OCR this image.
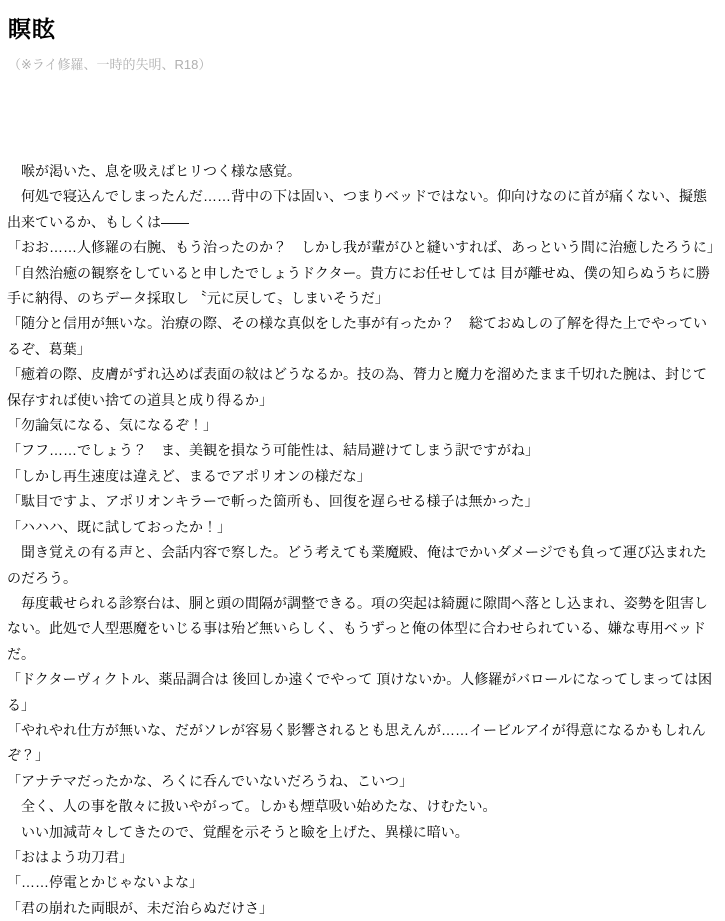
瞑眩
（※ライ修羅、一時的失明、R18）

　喉が渇いた、息を吸えばヒリつく様な感覚。

　何処で寝込んでしまったんだ……背中の下は固い、つまりベッドではない。仰向けなのに首が痛くない、擬態出来ているか、もしくは――

「おお……人修羅の右腕、もう治ったのか？　しかし我が輩がひと縫いすれば、あっという間に治癒したろうに」

「自然治癒の観察をしていると申したでしょうドクター。貴方にお任せしては 目が離せぬ、僕の知らぬうちに勝手に納得、のちデータ採取し 〝元に戻して〟しまいそうだ」

「随分と信用が無いな。治療の際、その様な真似をした事が有ったか？　総ておぬしの了解を得た上でやっているぞ、葛葉」

「癒着の際、皮膚がずれ込めば表面の紋はどうなるか。技の為、膂力と魔力を溜めたまま千切れた腕は、封じて保存すれば使い捨ての道具と成り得るか」

「勿論気になる、気になるぞ！」

「フフ……でしょう？　ま、美観を損なう可能性は、結局避けてしまう訳ですがね」

「しかし再生速度は違えど、まるでアポリオンの様だな」

「駄目ですよ、アポリオンキラーで斬った箇所も、回復を遅らせる様子は無かった」

「ハハハ、既に試しておったか！」

　聞き覚えの有る声と、会話内容で察した。どう考えても業魔殿、俺はでかいダメージでも負って運び込まれたのだろう。

　毎度載せられる診察台は、胴と頭の間隔が調整できる。項の突起は綺麗に隙間へ落とし込まれ、姿勢を阻害しない。此処で人型悪魔をいじる事は殆ど無いらしく、もうずっと俺の体型に合わせられている、嫌な専用ベッドだ。

「ドクターヴィクトル、薬品調合は 後回しか遠くでやって 頂けないか。人修羅がバロールになってしまっては困る」

「やれやれ仕方が無いな、だがソレが容易く影響されるとも思えんが……イービルアイが得意になるかもしれんぞ？」

「アナテマだったかな、ろくに呑んでいないだろうね、こいつ」

　全く、人の事を散々に扱いやがって。しかも煙草吸い始めたな、けむたい。

　いい加減苛々してきたので、覚醒を示そうと瞼を上げた、異様に暗い。

「おはよう功刀君」

「……停電とかじゃないよな」

「君の崩れた両眼が、未だ治らぬだけさ」
